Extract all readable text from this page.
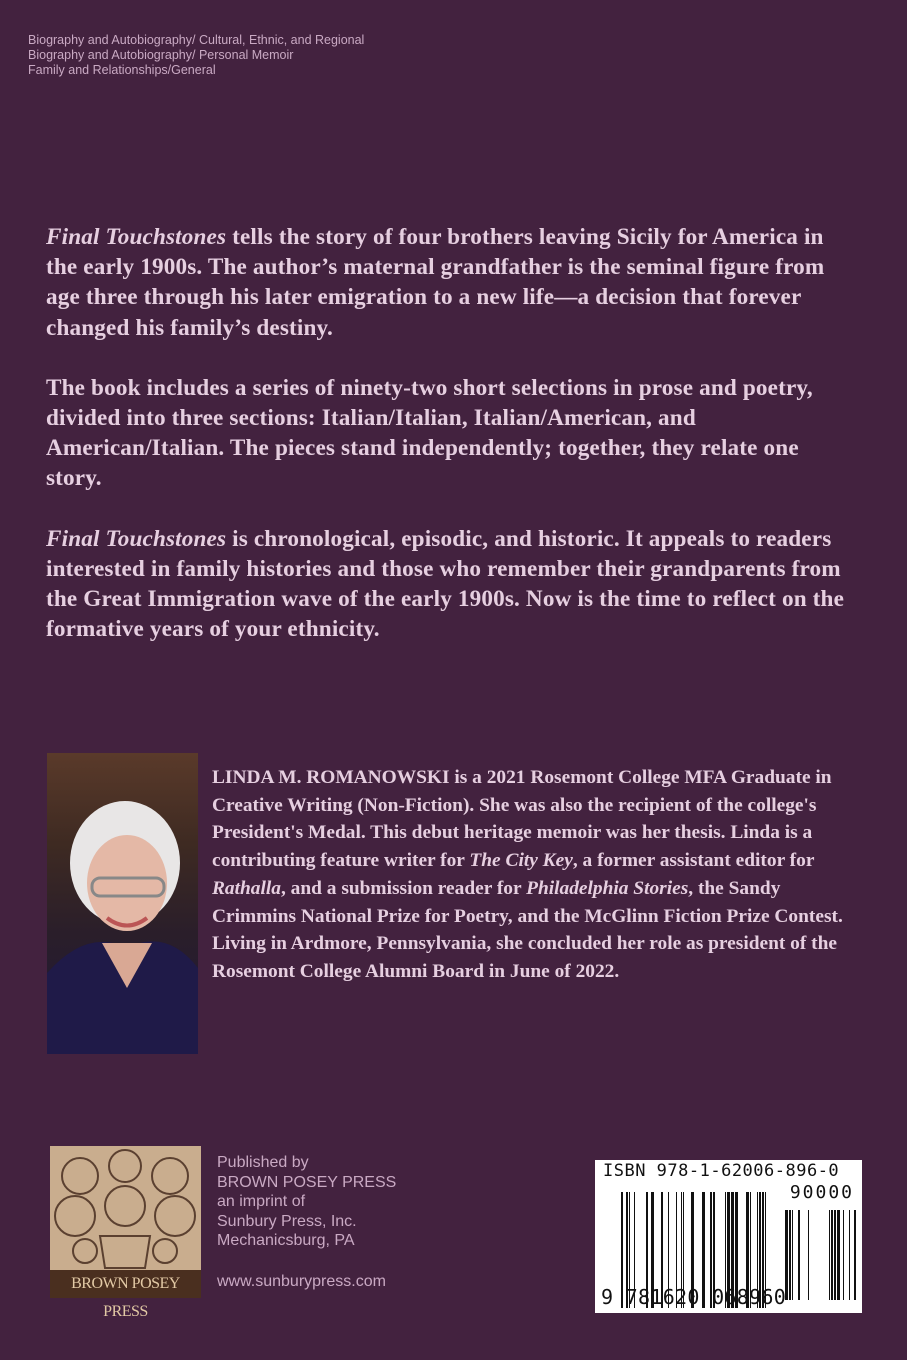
Biography and Autobiography/ Cultural, Ethnic, and Regional
Biography and Autobiography/ Personal Memoir
Family and Relationships/General

Final Touchstones tells the story of four brothers leaving Sicily for America in the early 1900s. The author’s maternal grandfather is the seminal figure from age three through his later emigration to a new life—a decision that forever changed his family’s destiny.

The book includes a series of ninety-two short selections in prose and poetry, divided into three sections: Italian/Italian, Italian/American, and American/Italian. The pieces stand independently; together, they relate one story.

Final Touchstones is chronological, episodic, and historic. It appeals to readers interested in family histories and those who remember their grandparents from the Great Immigration wave of the early 1900s. Now is the time to reflect on the formative years of your ethnicity.

LINDA M. ROMANOWSKI is a 2021 Rosemont College MFA Graduate in Creative Writing (Non-Fiction). She was also the recipient of the college's President's Medal. This debut heritage memoir was her thesis. Linda is a contributing feature writer for The City Key, a former assistant editor for Rathalla, and a submission reader for Philadelphia Stories, the Sandy Crimmins National Prize for Poetry, and the McGlinn Fiction Prize Contest. Living in Ardmore, Pennsylvania, she concluded her role as president of the Rosemont College Alumni Board in June of 2022.
BROWN POSEY PRESS
Published by
BROWN POSEY PRESS
an imprint of
Sunbury Press, Inc.
Mechanicsburg, PA
www.sunburypress.com
ISBN 978-1-62006-896-0
90000
9 781620 068960
